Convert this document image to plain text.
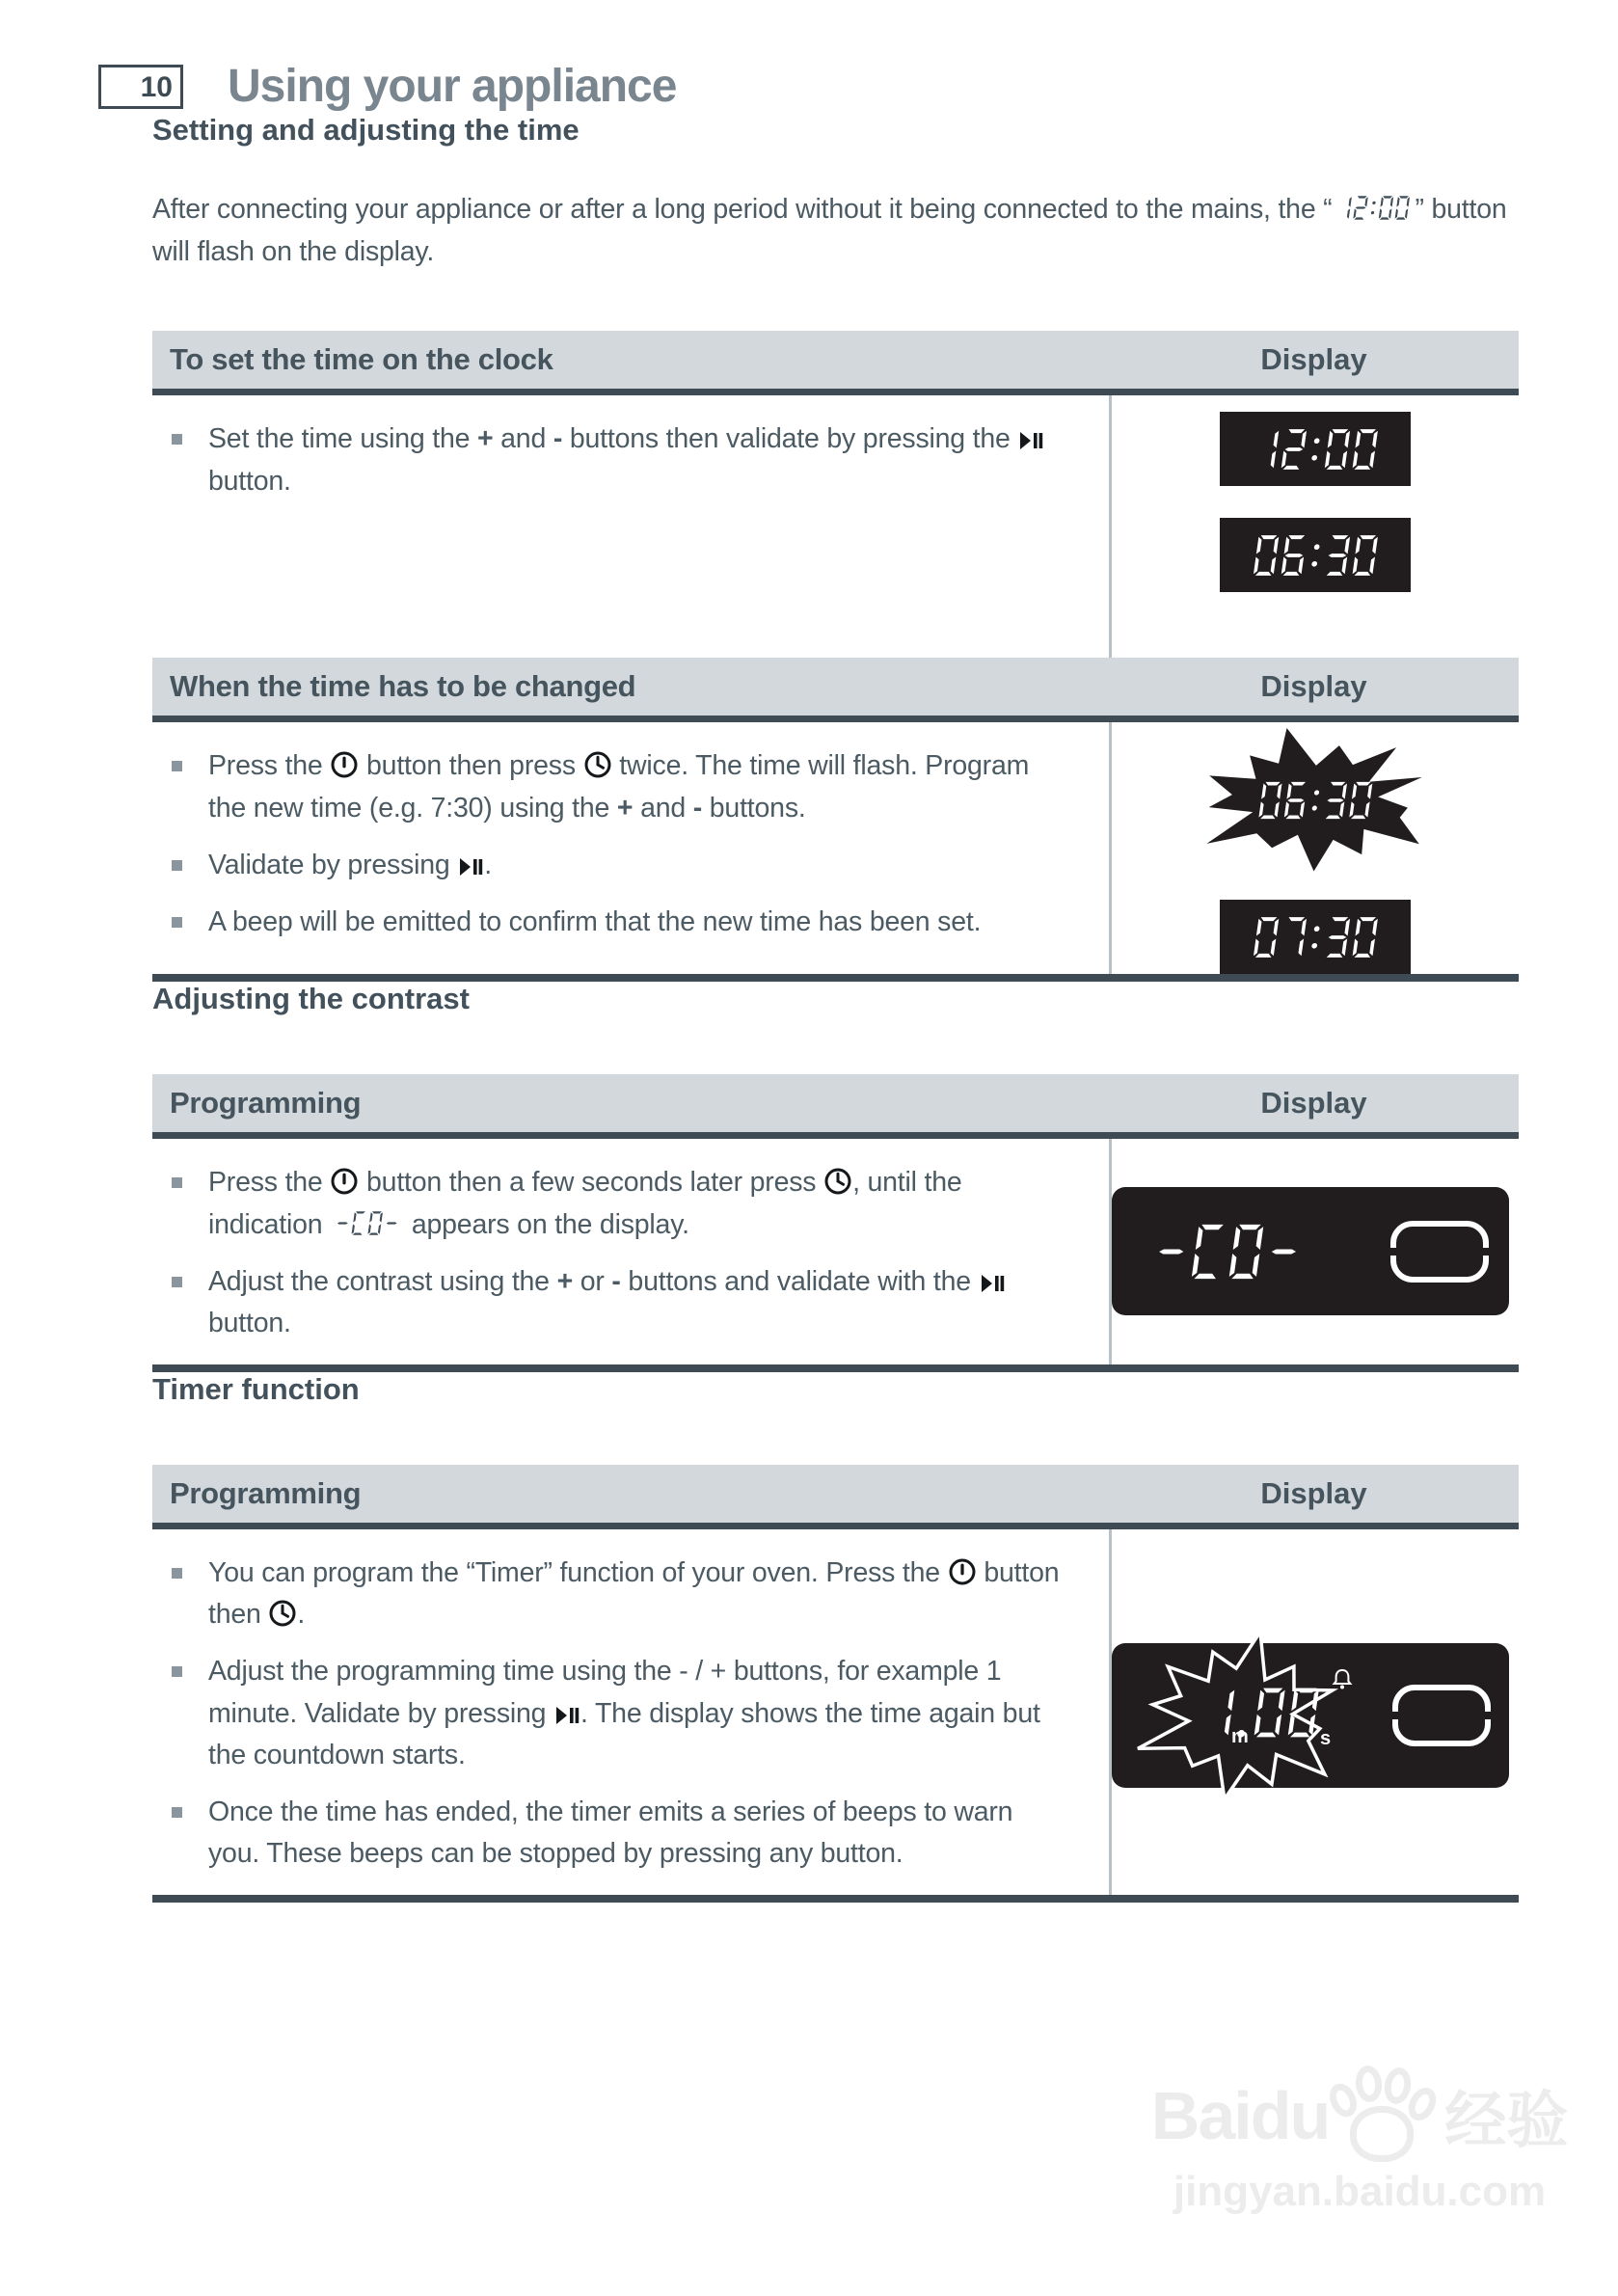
10 Using your appliance
Setting and adjusting the time

After connecting your appliance or after a long period without it being connected to the mains, the “	” button will flash on the display.

To set the time on the clock	Display
Set the time using the + and - buttons then validate by pressing the
button.
When the time has to be changed	Display
Press the
button then press
twice. The time will flash. Program the new time (e.g. 7:30) using the + and - buttons.
Validate by pressing
.
A beep will be emitted to confirm that the new time has been set.
Adjusting the contrast
Programming	Display
Press the
button then a few seconds later press
, until the indication	appears on the display.
Adjust the contrast using the + or - buttons and validate with the
button.
Timer function
Programming	Display
You can program the “Timer” function of your oven. Press the
button then
.
Adjust the programming time using the - / + buttons, for example 1 minute. Validate by pressing
. The display shows the time again but the countdown starts.
Once the time has ended, the timer emits a series of beeps to warn you. These beeps can be stopped by pressing any button.
m	s
Baidu 经验
jingyan.baidu.com
